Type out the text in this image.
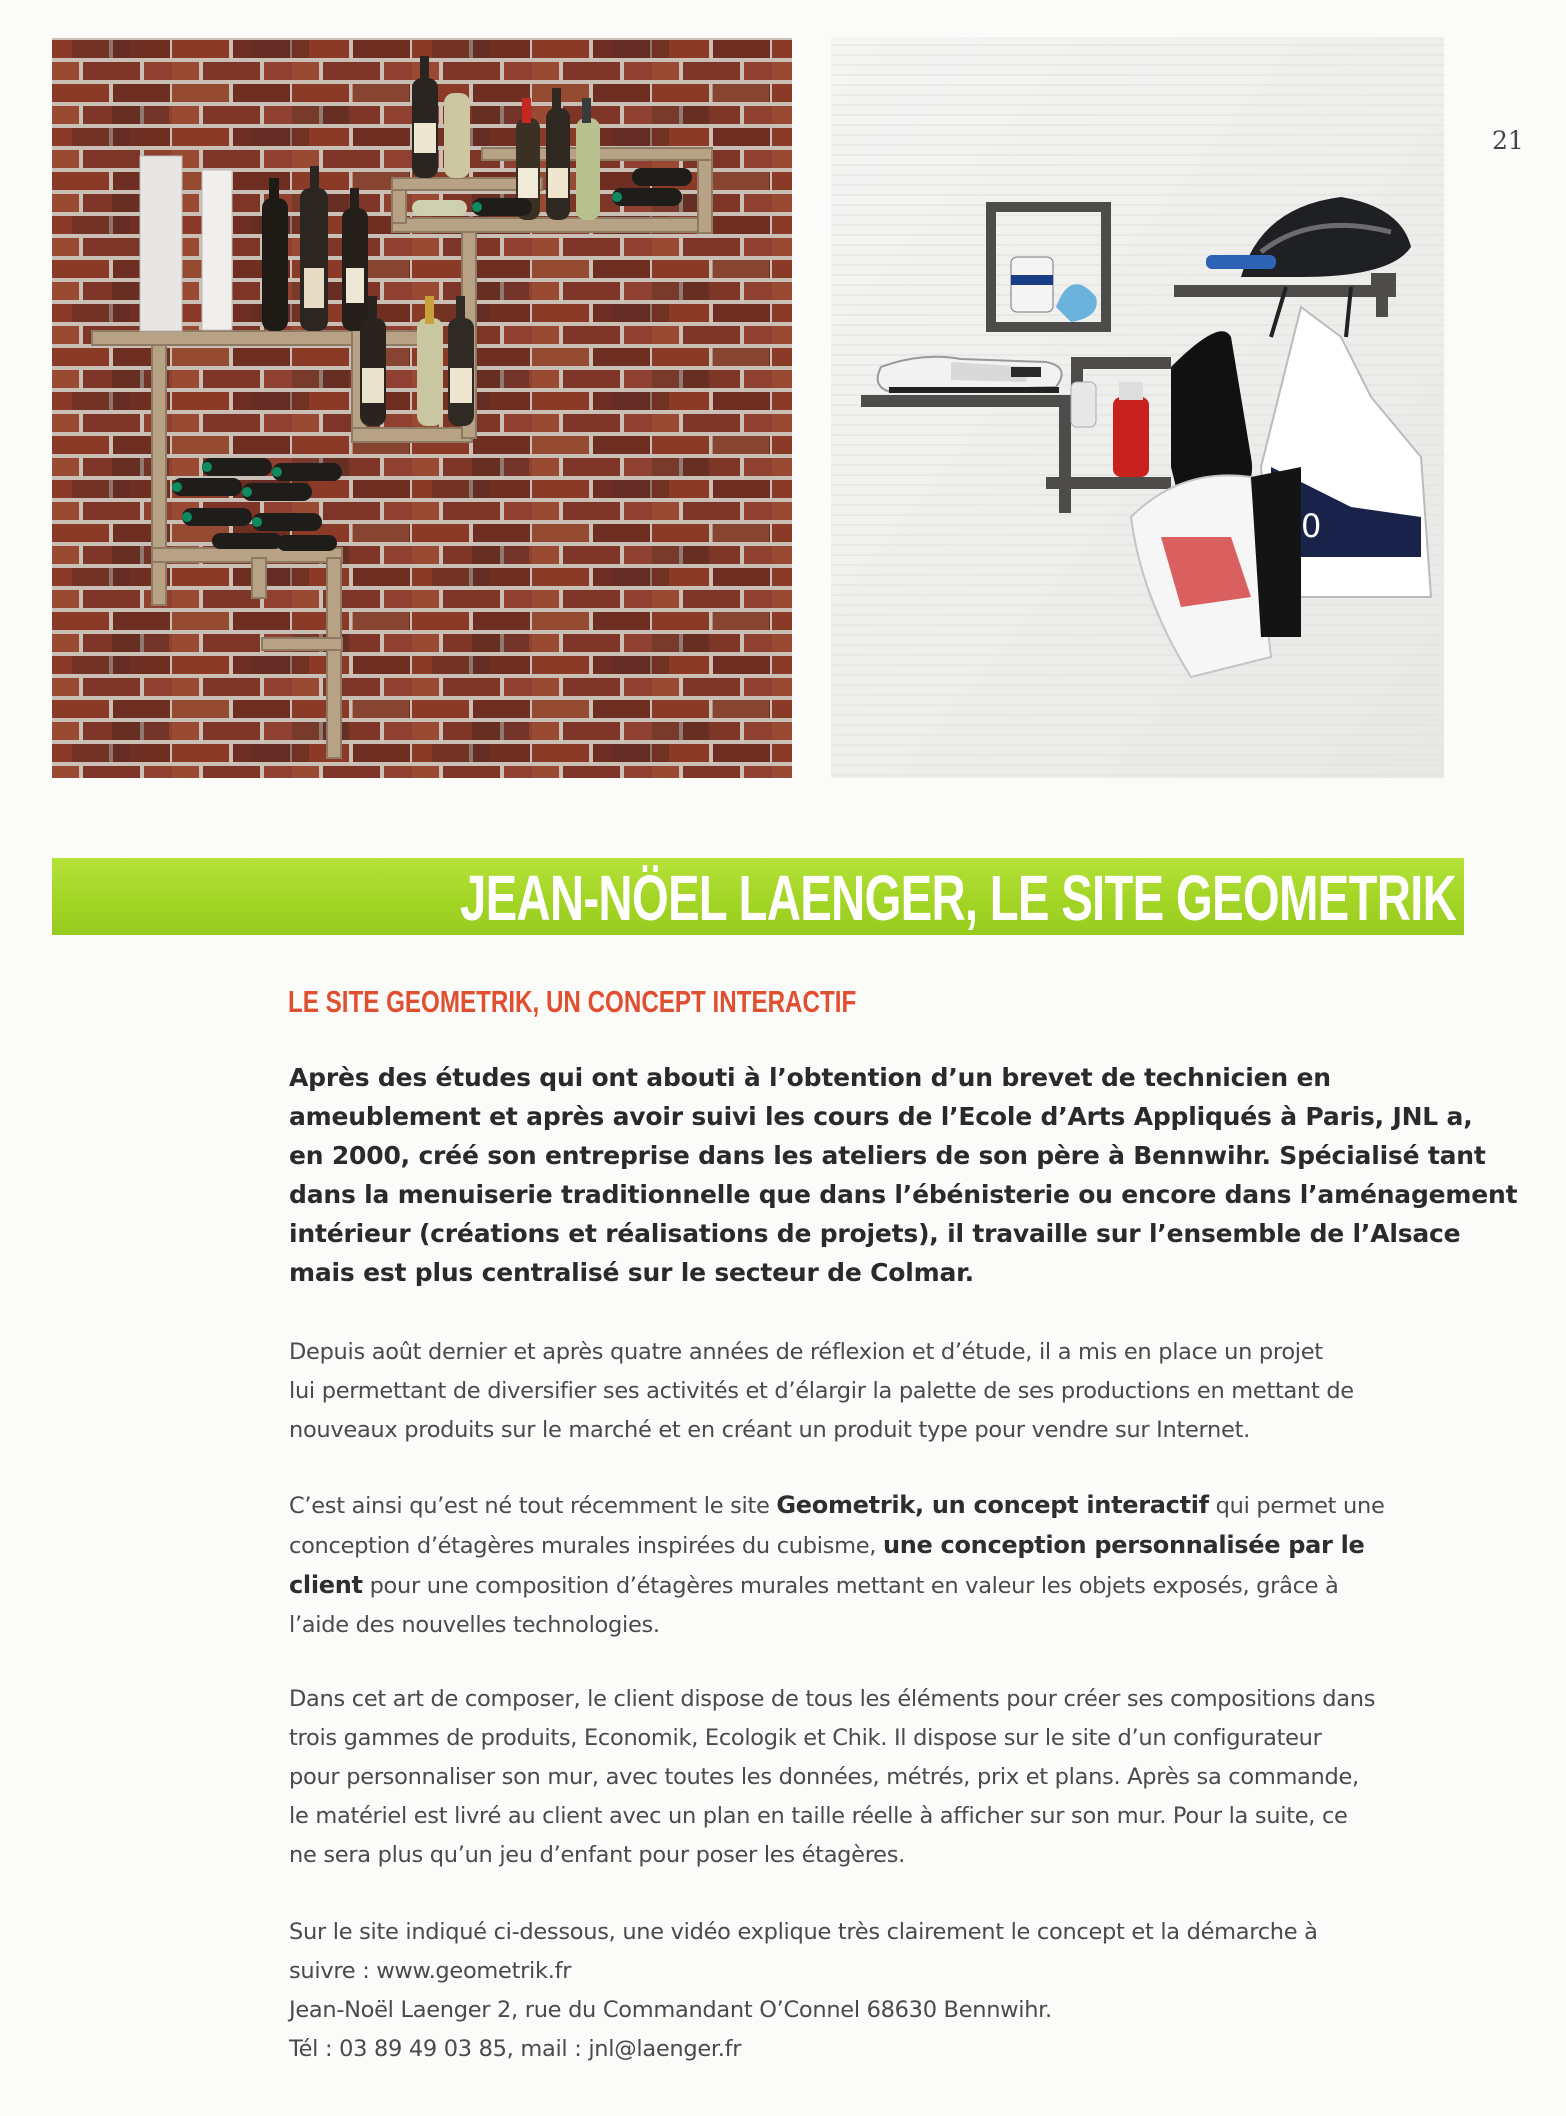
21
0
JEAN-NÖEL LAENGER, LE SITE GEOMETRIK
LE SITE GEOMETRIK, UN CONCEPT INTERACTIF
Après des études qui ont abouti à l’obtention d’un brevet de technicien en
ameublement et après avoir suivi les cours de l’Ecole d’Arts Appliqués à Paris, JNL a,
en 2000, créé son entreprise dans les ateliers de son père à Bennwihr. Spécialisé tant
dans la menuiserie traditionnelle que dans l’ébénisterie ou encore dans l’aménagement
intérieur (créations et réalisations de projets), il travaille sur l’ensemble de l’Alsace
mais est plus centralisé sur le secteur de Colmar.
Depuis août dernier et après quatre années de réflexion et d’étude, il a mis en place un projet
lui permettant de diversifier ses activités et d’élargir la palette de ses productions en mettant de
nouveaux produits sur le marché et en créant un produit type pour vendre sur Internet.
C’est ainsi qu’est né tout récemment le site Geometrik, un concept interactif qui permet une
conception d’étagères murales inspirées du cubisme, une conception personnalisée par le
client pour une composition d’étagères murales mettant en valeur les objets exposés, grâce à
l’aide des nouvelles technologies.
Dans cet art de composer, le client dispose de tous les éléments pour créer ses compositions dans
trois gammes de produits, Economik, Ecologik et Chik. Il dispose sur le site d’un configurateur
pour personnaliser son mur, avec toutes les données, métrés, prix et plans. Après sa commande,
le matériel est livré au client avec un plan en taille réelle à afficher sur son mur. Pour la suite, ce
ne sera plus qu’un jeu d’enfant pour poser les étagères.
Sur le site indiqué ci-dessous, une vidéo explique très clairement le concept et la démarche à
suivre : www.geometrik.fr
Jean-Noël Laenger 2, rue du Commandant O’Connel 68630 Bennwihr.
Tél : 03 89 49 03 85, mail : jnl@laenger.fr
